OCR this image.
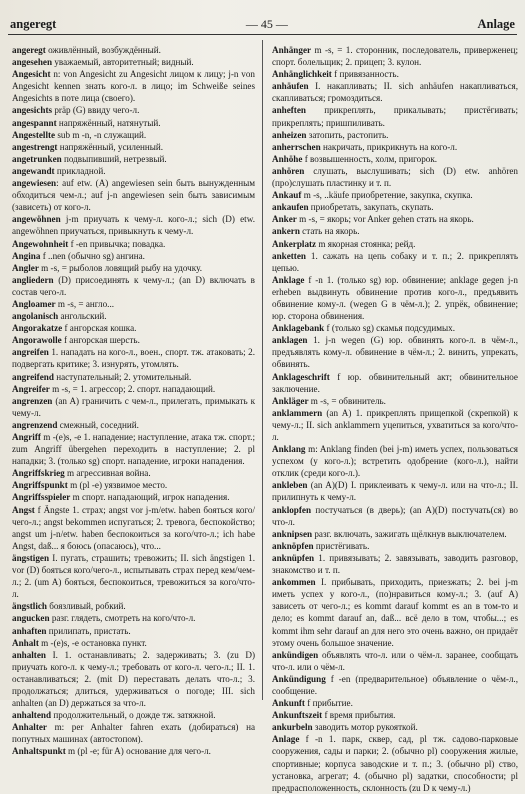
angeregt	— 45 —	Anlage

angeregt оживлённый, возбуждённый.

angesehen уважаемый, авторитетный; видный.

Angesicht n: von Angesicht zu Angesicht лицом к лицу; j-n von Angesicht kennen знать кого-л. в лицо; im Schweiße seines Angesichts в поте лица (своего).

angesichts präp (G) ввиду чего-л.

angespannt напряжённый, натянутый.

Angestellte sub m -n, -n служащий.

angestrengt напряжённый, усиленный.

angetrunken подвыпивший, нетрезвый.

angewandt прикладной.

angewiesen: auf etw. (A) angewiesen sein быть вынужденным обходиться чем-л.; auf j-n angewiesen sein быть зависимым (зависеть) от кого-л.

angewöhnen j-m приучать к чему-л. кого-л.; sich (D) etw. angewöhnen приучаться, привыкнуть к чему-л.

Angewohnheit f -en привычка; повадка.

Angina f ..nen (обычно sg) ангина.

Angler m -s, = рыболов ловящий рыбу на удочку.

angliedern (D) присоединять к чему-л.; (an D) включать в состав чего-л.

Angloamer m -s, = англо...

angolanisch ангольский.

Angorakatze f ангорская кошка.

Angorawolle f ангорская шерсть.

angreifen 1. нападать на кого-л., воен., спорт. тж. атаковать; 2. подвергать критике; 3. изнурять, утомлять.

angreifend наступательный; 2. утомительный.

Angreifer m -s, = 1. агрессор; 2. спорт. нападающий.

angrenzen (an A) граничить с чем-л., прилегать, примыкать к чему-л.

angrenzend смежный, соседний.

Angriff m -(e)s, -e 1. нападение; наступление, атака тж. спорт.; zum Angriff übergehen переходить в наступление; 2. pl нападки; 3. (только sg) спорт. нападение, игроки нападения.

Angriffskrieg m агрессивная война.

Angriffspunkt m (pl -e) уязвимое место.

Angriffsspieler m спорт. нападающий, игрок нападения.

Angst f Ängste 1. страх; angst vor j-m/etw. haben бояться кого/чего-л.; angst bekommen испугаться; 2. тревога, беспокойство; angst um j-n/etw. haben беспокоиться за кого/что-л.; ich habe Angst, daß... я боюсь (опасаюсь), что...

ängstigen I. пугать, страшить; тревожить; II. sich ängstigen 1. vor (D) бояться кого/чего-л., испытывать страх перед кем/чем-л.; 2. (um A) бояться, беспокоиться, тревожиться за кого/что-л.

ängstlich боязливый, робкий.

angucken разг. глядеть, смотреть на кого/что-л.

anhaften прилипать, пристать.

Anhalt m -(e)s, -e остановка пункт.

anhalten I. 1. останавливать; 2. задерживать; 3. (zu D) приучать кого-л. к чему-л.; требовать от кого-л. чего-л.; II. 1. останавливаться; 2. (mit D) переставать делать что-л.; 3. продолжаться; длиться, удерживаться о погоде; III. sich anhalten (an D) держаться за что-л.

anhaltend продолжительный, о дожде тж. затяжной.

Anhalter m: per Anhalter fahren ехать (добираться) на попутных машинах (автостопом).

Anhaltspunkt m (pl -e; für A) основание для чего-л.

Anhänger m -s, = 1. сторонник, последователь, приверженец; спорт. болельщик; 2. прицеп; 3. кулон.

Anhänglichkeit f привязанность.

anhäufen I. накапливать; II. sich anhäufen накапливаться, скапливаться; громоздиться.

anheften прикреплять, прикалывать; пристёгивать; прикреплять; пришпиливать.

anheizen затопить, растопить.

anherrschen накричать, прикрикнуть на кого-л.

Anhöhe f возвышенность, холм, пригорок.

anhören слушать, выслушивать; sich (D) etw. anhören (про)слушать пластинку и т. п.

Ankauf m -s, ..käufe приобретение, закупка, скупка.

ankaufen приобретать, закупать, скупать.

Anker m -s, = якорь; vor Anker gehen стать на якорь.

ankern стать на якорь.

Ankerplatz m якорная стоянка; рейд.

anketten 1. сажать на цепь собаку и т. п.; 2. прикреплять цепью.

Anklage f -n 1. (только sg) юр. обвинение; anklage gegen j-n erheben выдвинуть обвинение против кого-л., предъявить обвинение кому-л. (wegen G в чём-л.); 2. упрёк, обвинение; юр. сторона обвинения.

Anklagebank f (только sg) скамья подсудимых.

anklagen 1. j-n wegen (G) юр. обвинять кого-л. в чём-л., предъявлять кому-л. обвинение в чём-л.; 2. винить, упрекать, обвинять.

Anklageschrift f юр. обвинительный акт; обвинительное заключение.

Ankläger m -s, = обвинитель.

anklammern (an A) 1. прикреплять прищепкой (скрепкой) к чему-л.; II. sich anklammern уцепиться, ухватиться за кого/что-л.

Anklang m: Anklang finden (bei j-m) иметь успех, пользоваться успехом (у кого-л.); встретить одобрение (кого-л.), найти отклик (среди кого-л.).

ankleben (an A)(D) I. приклеивать к чему-л. или на что-л.; II. прилипнуть к чему-л.

anklopfen постучаться (в дверь); (an A)(D) постучать(ся) во что-л.

anknipsen разг. включать, зажигать щёлкнув выключателем.

anknöpfen пристёгивать.

anknüpfen 1. привязывать; 2. завязывать, заводить разговор, знакомство и т. п.

ankommen I. прибывать, приходить, приезжать; 2. bei j-m иметь успех у кого-л., (по)нравиться кому-л.; 3. (auf A) зависеть от чего-л.; es kommt darauf kommt es an в том-то и дело; es kommt darauf an, daß... всё дело в том, чтобы...; es kommt ihm sehr darauf an для него это очень важно, он придаёт этому очень большое значение.

ankündigen объявлять что-л. или о чём-л. заранее, сообщать что-л. или о чём-л.

Ankündigung f -en (предварительное) объявление о чём-л., сообщение.

Ankunft f прибытие.

Ankunftszeit f время прибытия.

ankurbeln заводить мотор рукояткой.

Anlage f -n 1. парк, сквер, сад, pl тж. садово-парковые сооружения, сады и парки; 2. (обычно pl) сооружения жилые, спортивные; корпуса заводские и т. п.; 3. (обычно pl) ство, установка, агрегат; 4. (обычно pl) задатки, способности; pl предрасположенность, склонность (zu D к чему-л.)
